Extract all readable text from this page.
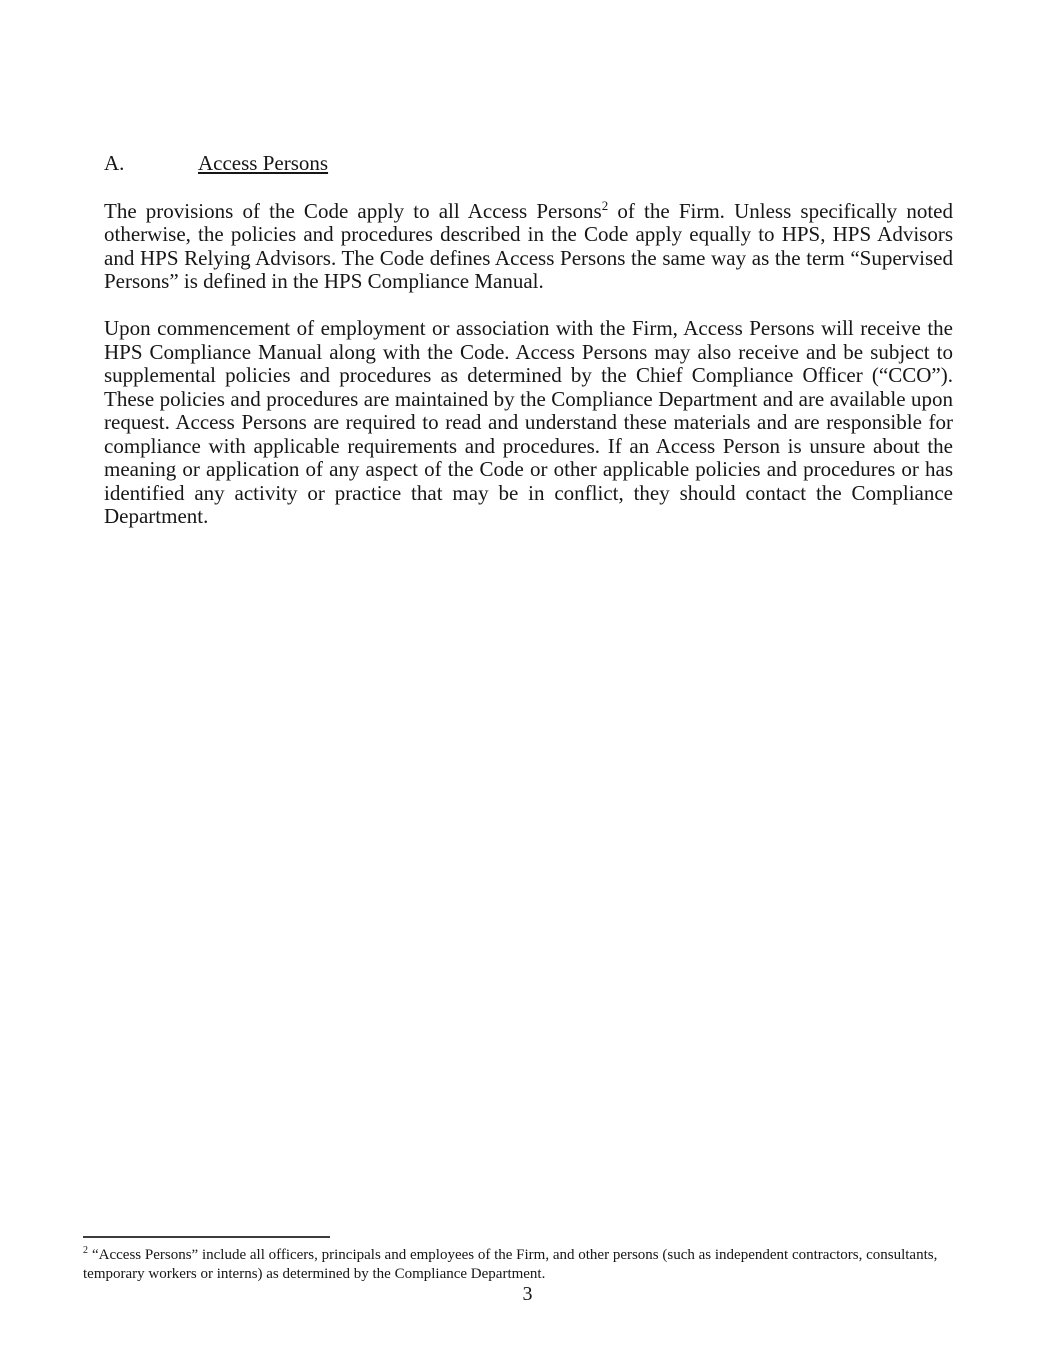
A.	Access Persons

The provisions of the Code apply to all Access Persons$^2$ of the Firm. Unless specifically noted otherwise, the policies and procedures described in the Code apply equally to HPS, HPS Advisors and HPS Relying Advisors. The Code defines Access Persons the same way as the term “Supervised Persons” is defined in the HPS Compliance Manual.

Upon commencement of employment or association with the Firm, Access Persons will receive the HPS Compliance Manual along with the Code. Access Persons may also receive and be subject to supplemental policies and procedures as determined by the Chief Compliance Officer (“CCO”). These policies and procedures are maintained by the Compliance Department and are available upon request. Access Persons are required to read and understand these materials and are responsible for compliance with applicable requirements and procedures. If an Access Person is unsure about the meaning or application of any aspect of the Code or other applicable policies and procedures or has identified any activity or practice that may be in conflict, they should contact the Compliance Department.

$^2$ “Access Persons” include all officers, principals and employees of the Firm, and other persons (such as independent contractors, consultants, temporary workers or interns) as determined by the Compliance Department.
3
